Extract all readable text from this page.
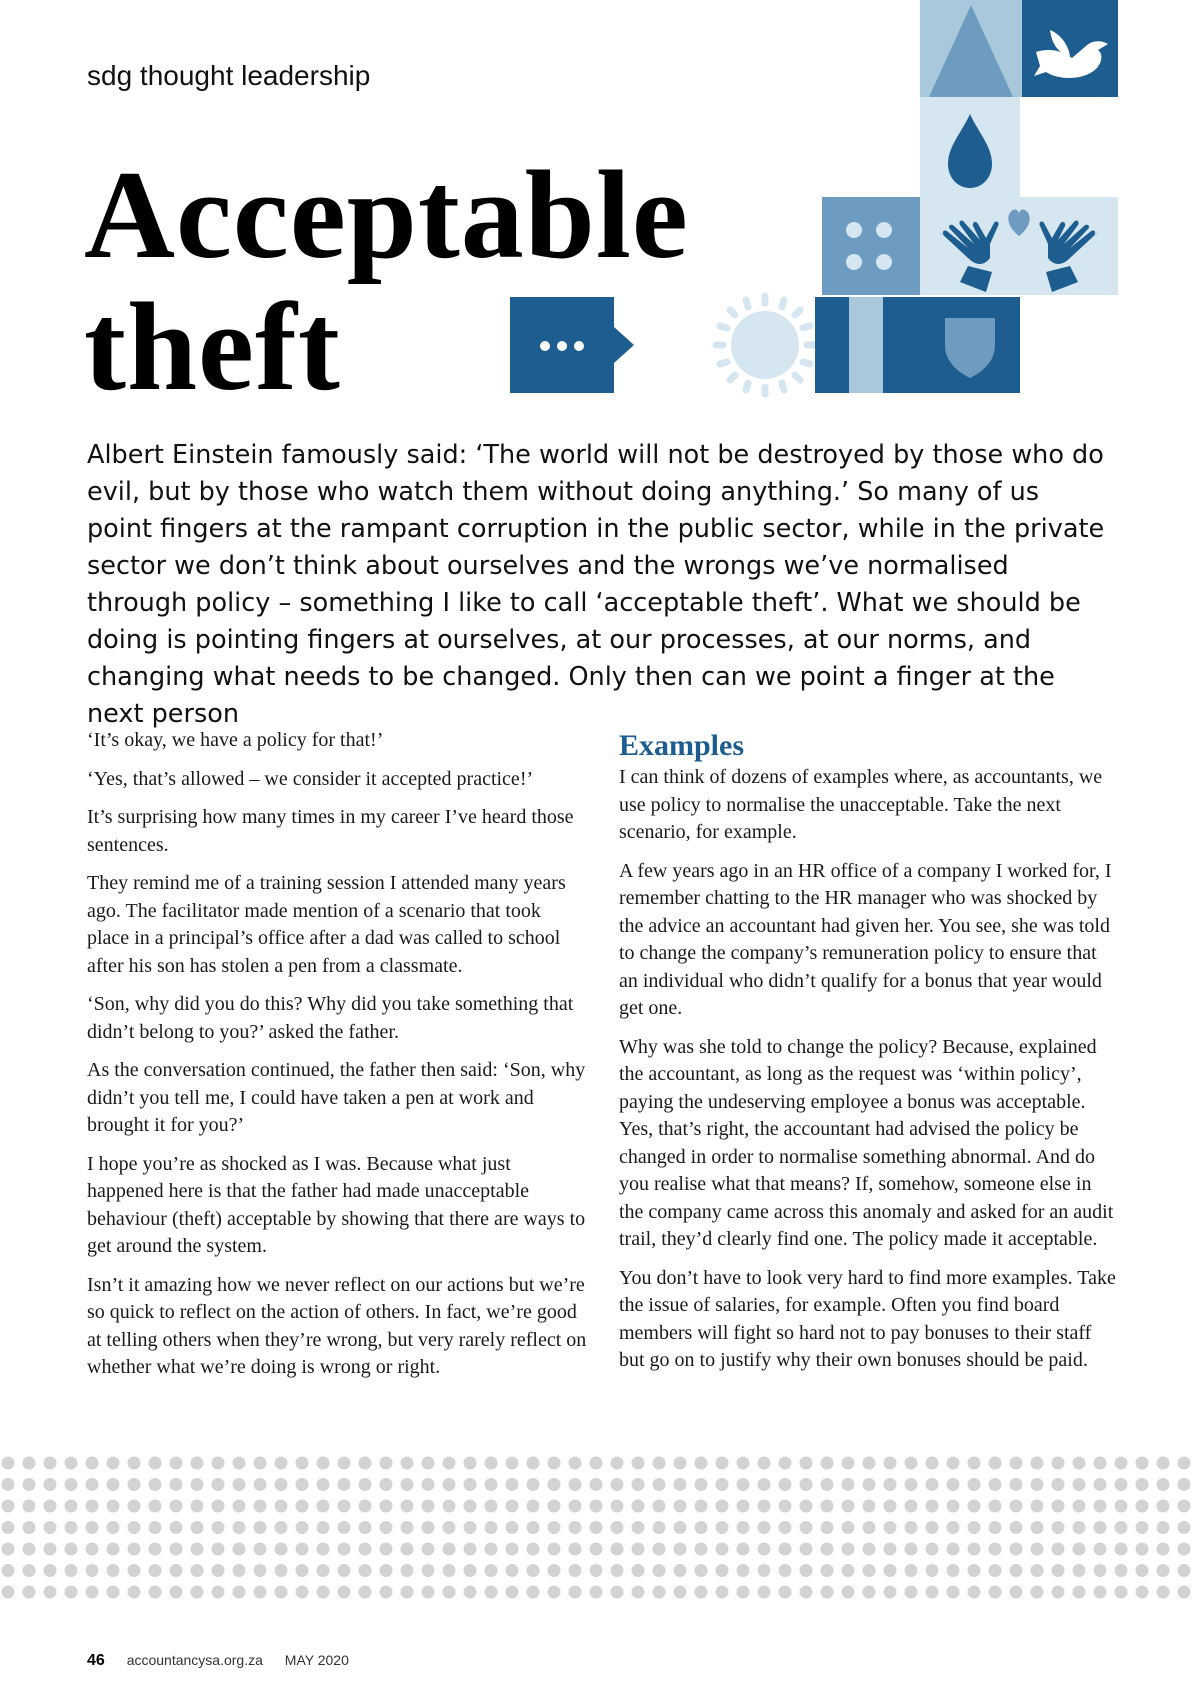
sdg thought leadership
Acceptable
theft

Albert Einstein famously said: ‘The world will not be destroyed by those who do evil, but by those who watch them without doing anything.’ So many of us point fingers at the rampant corruption in the public sector, while in the private sector we don’t think about ourselves and the wrongs we’ve normalised through policy – something I like to call ‘acceptable theft’. What we should be doing is pointing fingers at ourselves, at our processes, at our norms, and changing what needs to be changed. Only then can we point a finger at the next person

‘It’s okay, we have a policy for that!’

‘Yes, that’s allowed – we consider it accepted practice!’

It’s surprising how many times in my career I’ve heard those sentences.

They remind me of a training session I attended many years ago. The facilitator made mention of a scenario that took place in a principal’s office after a dad was called to school after his son has stolen a pen from a classmate.

‘Son, why did you do this? Why did you take something that didn’t belong to you?’ asked the father.

As the conversation continued, the father then said: ‘Son, why didn’t you tell me, I could have taken a pen at work and brought it for you?’

I hope you’re as shocked as I was. Because what just happened here is that the father had made unacceptable behaviour (theft) acceptable by showing that there are ways to get around the system.

Isn’t it amazing how we never reflect on our actions but we’re so quick to reflect on the action of others. In fact, we’re good at telling others when they’re wrong, but very rarely reflect on whether what we’re doing is wrong or right.

Examples

I can think of dozens of examples where, as accountants, we use policy to normalise the unacceptable. Take the next scenario, for example.

A few years ago in an HR office of a company I worked for, I remember chatting to the HR manager who was shocked by the advice an accountant had given her. You see, she was told to change the company’s remuneration policy to ensure that an individual who didn’t qualify for a bonus that year would get one.

Why was she told to change the policy? Because, explained the accountant, as long as the request was ‘within policy’, paying the undeserving employee a bonus was acceptable. Yes, that’s right, the accountant had advised the policy be changed in order to normalise something abnormal. And do you realise what that means? If, somehow, someone else in the company came across this anomaly and asked for an audit trail, they’d clearly find one. The policy made it acceptable.

You don’t have to look very hard to find more examples. Take the issue of salaries, for example. Often you find board members will fight so hard not to pay bonuses to their staff but go on to justify why their own bonuses should be paid.

46 accountancysa.org.za MAY 2020
